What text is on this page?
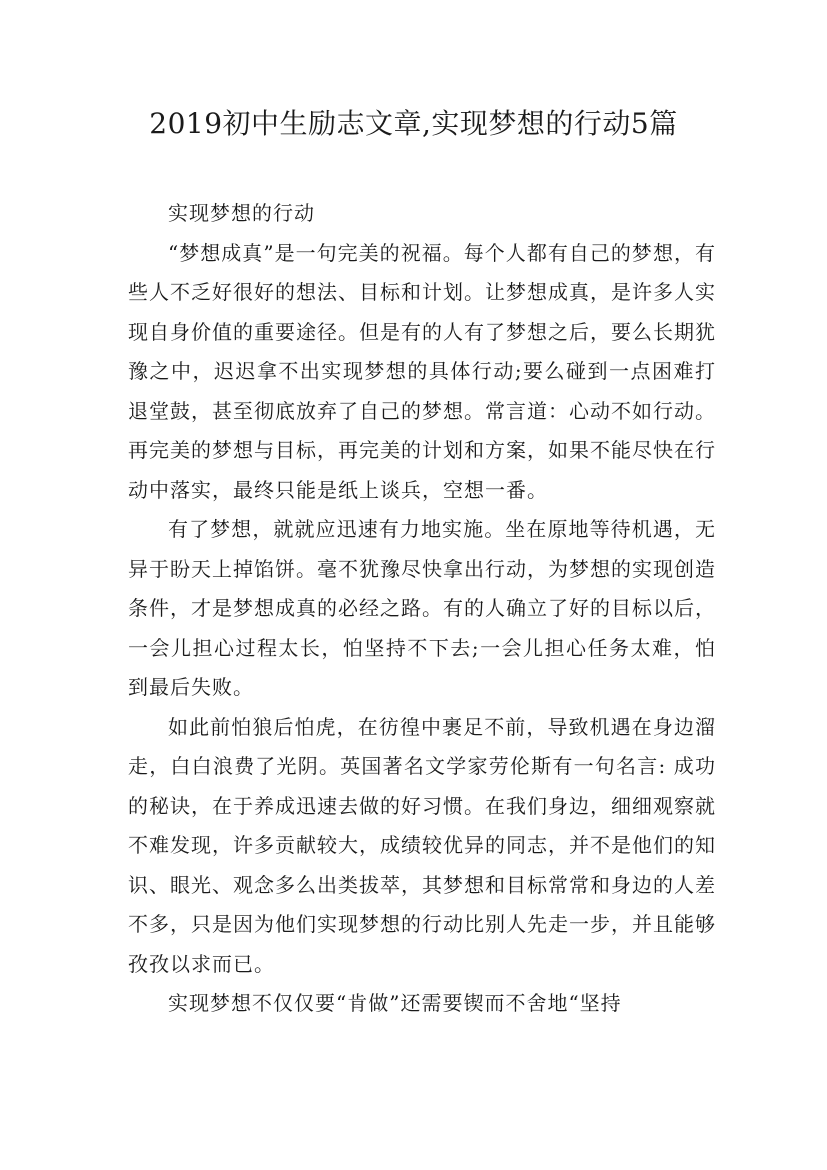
2019初中生励志文章,实现梦想的行动5篇

实现梦想的行动

“梦想成真”是一句完美的祝福。每个人都有自己的梦想，有些人不乏好很好的想法、目标和计划。让梦想成真，是许多人实现自身价值的重要途径。但是有的人有了梦想之后，要么长期犹豫之中，迟迟拿不出实现梦想的具体行动;要么碰到一点困难打退堂鼓，甚至彻底放弃了自己的梦想。常言道：心动不如行动。再完美的梦想与目标，再完美的计划和方案，如果不能尽快在行动中落实，最终只能是纸上谈兵，空想一番。

有了梦想，就就应迅速有力地实施。坐在原地等待机遇，无异于盼天上掉馅饼。毫不犹豫尽快拿出行动，为梦想的实现创造条件，才是梦想成真的必经之路。有的人确立了好的目标以后，一会儿担心过程太长，怕坚持不下去;一会儿担心任务太难，怕到最后失败。

如此前怕狼后怕虎，在彷徨中裹足不前，导致机遇在身边溜走，白白浪费了光阴。英国著名文学家劳伦斯有一句名言: 成功的秘诀，在于养成迅速去做的好习惯。在我们身边，细细观察就不难发现，许多贡献较大，成绩较优异的同志，并不是他们的知识、眼光、观念多么出类拔萃，其梦想和目标常常和身边的人差不多，只是因为他们实现梦想的行动比别人先走一步，并且能够孜孜以求而已。

实现梦想不仅仅要“肯做”还需要锲而不舍地“坚持
